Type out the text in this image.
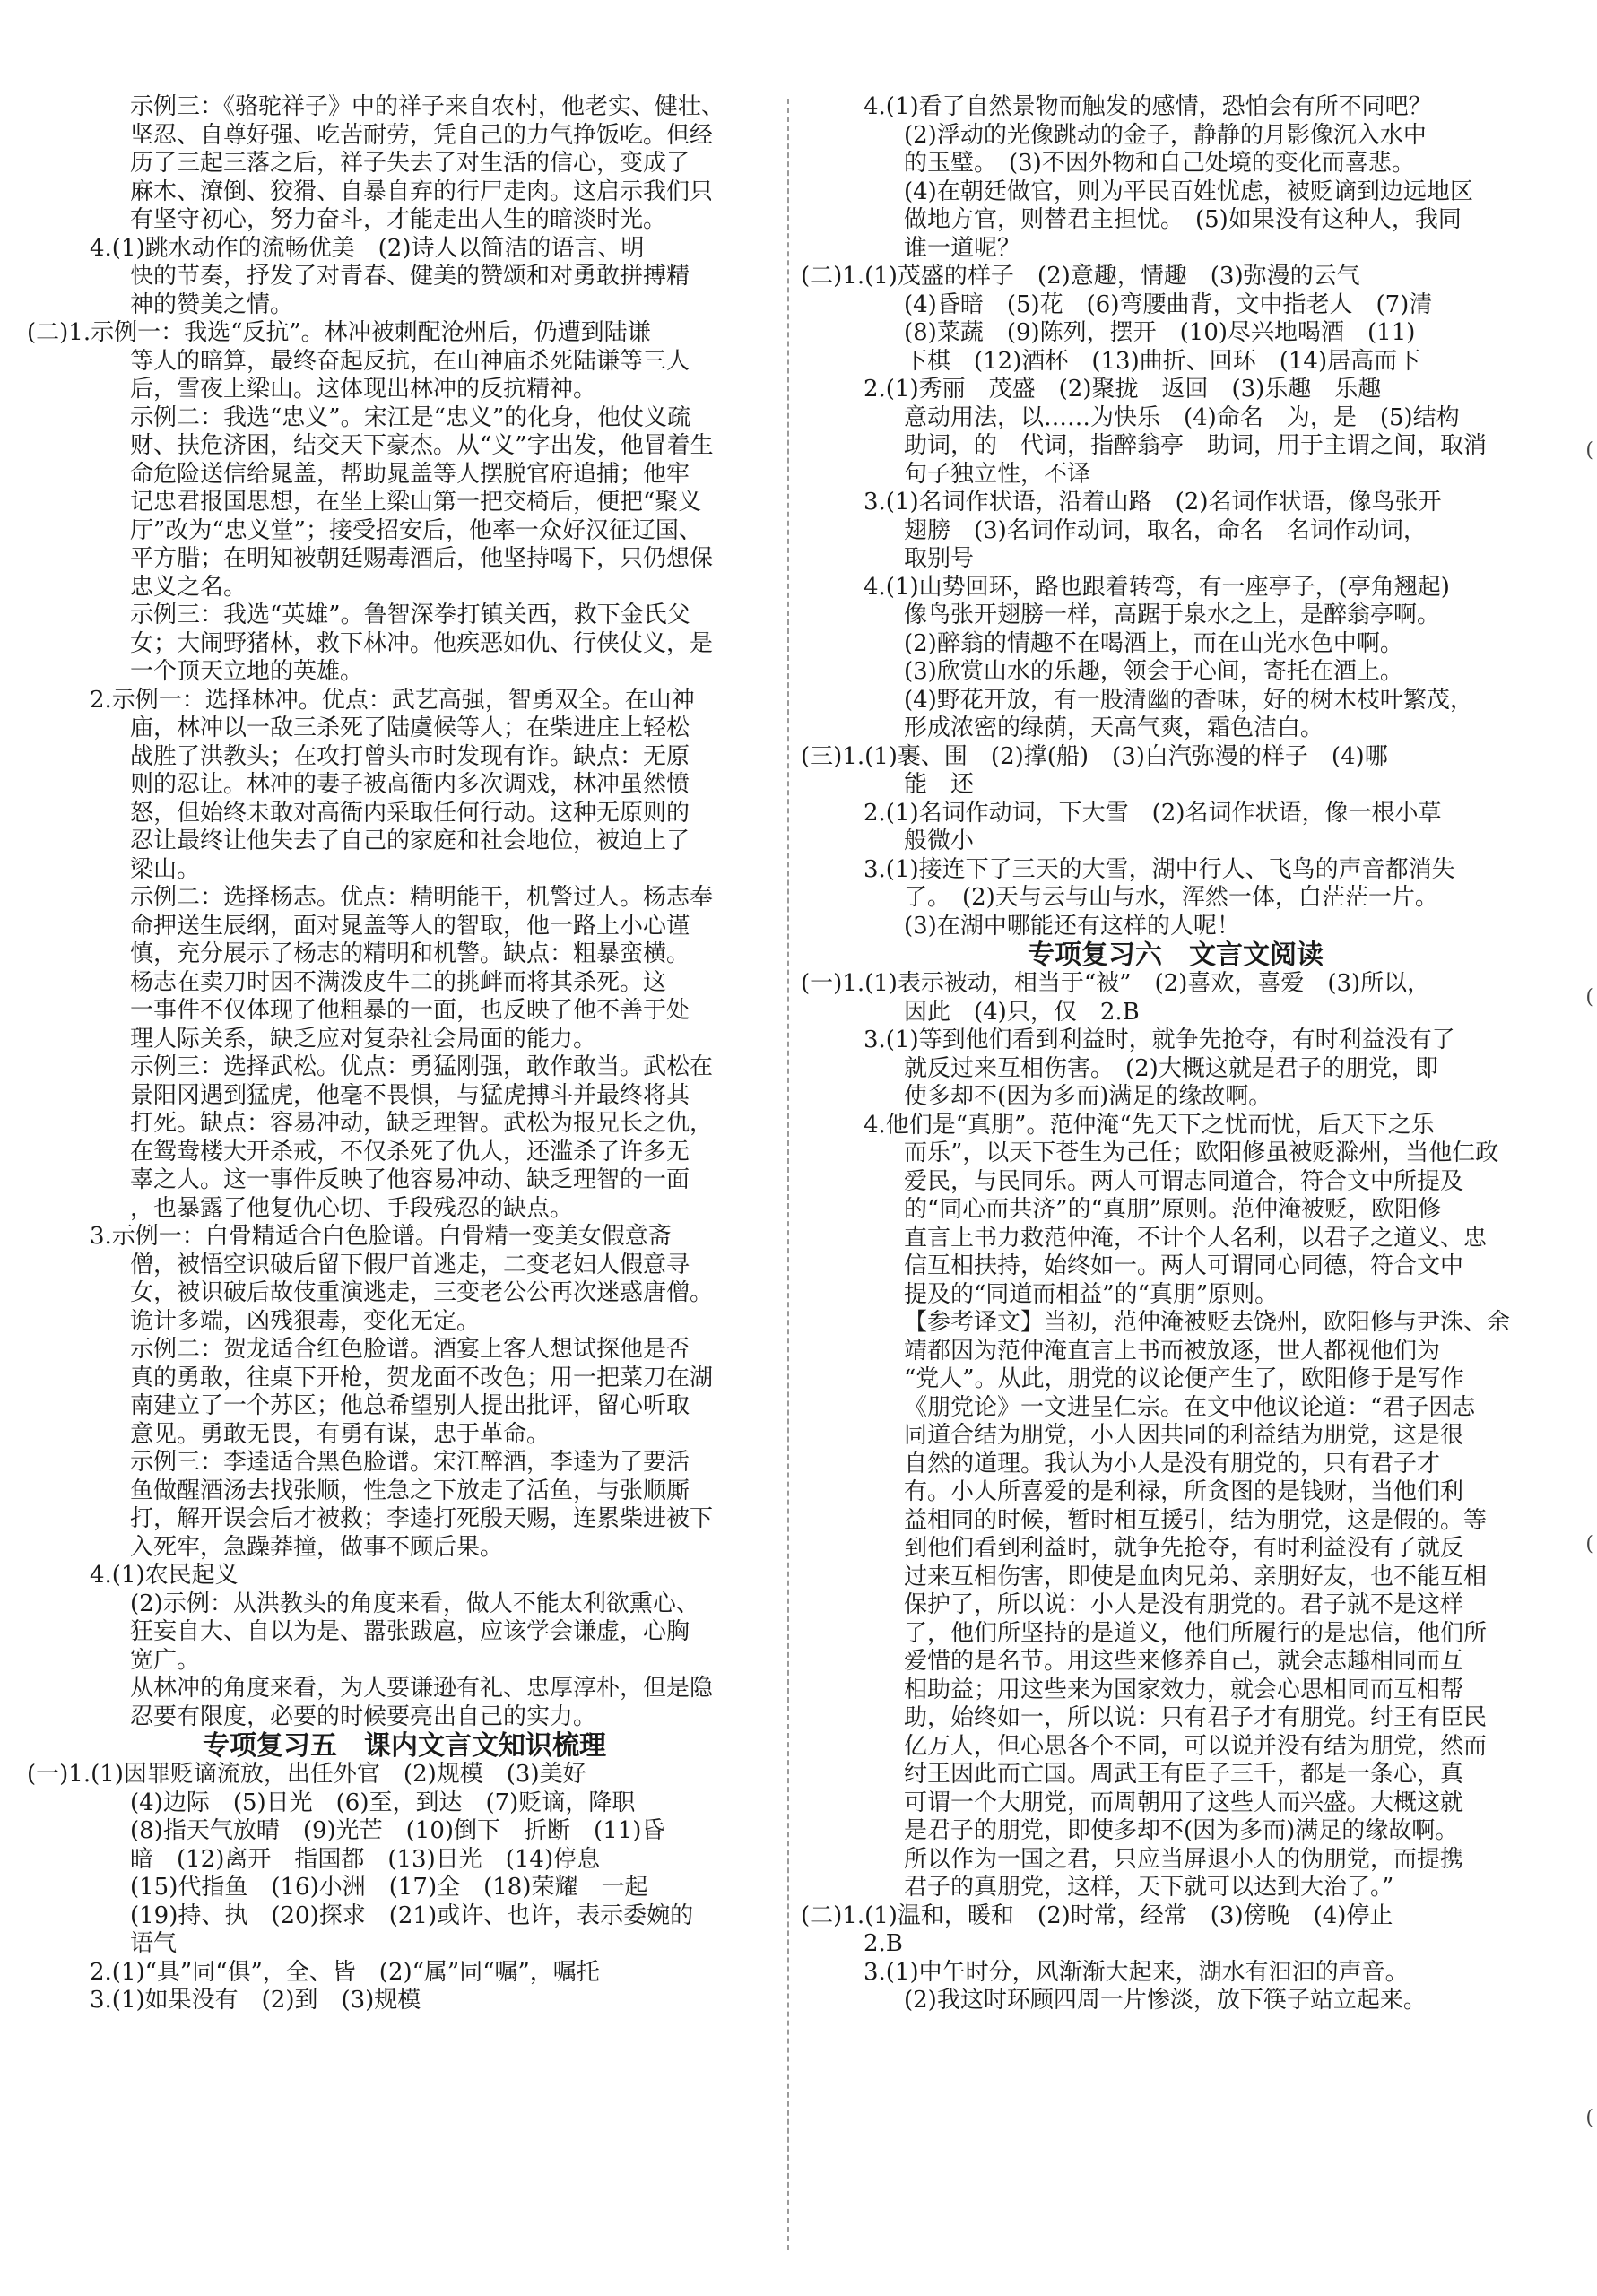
示例三：《骆驼祥子》中的祥子来自农村，他老实、健壮、
坚忍、自尊好强、吃苦耐劳，凭自己的力气挣饭吃。但经
历了三起三落之后，祥子失去了对生活的信心，变成了
麻木、潦倒、狡猾、自暴自弃的行尸走肉。这启示我们只
有坚守初心，努力奋斗，才能走出人生的暗淡时光。
4.(1)跳水动作的流畅优美　(2)诗人以简洁的语言、明
快的节奏，抒发了对青春、健美的赞颂和对勇敢拼搏精
神的赞美之情。
(二)1.示例一：我选“反抗”。林冲被刺配沧州后，仍遭到陆谦
等人的暗算，最终奋起反抗，在山神庙杀死陆谦等三人
后，雪夜上梁山。这体现出林冲的反抗精神。
示例二：我选“忠义”。宋江是“忠义”的化身，他仗义疏
财、扶危济困，结交天下豪杰。从“义”字出发，他冒着生
命危险送信给晁盖，帮助晁盖等人摆脱官府追捕；他牢
记忠君报国思想，在坐上梁山第一把交椅后，便把“聚义
厅”改为“忠义堂”；接受招安后，他率一众好汉征辽国、
平方腊；在明知被朝廷赐毒酒后，他坚持喝下，只仍想保
忠义之名。
示例三：我选“英雄”。鲁智深拳打镇关西，救下金氏父
女；大闹野猪林，救下林冲。他疾恶如仇、行侠仗义，是
一个顶天立地的英雄。
2.示例一：选择林冲。优点：武艺高强，智勇双全。在山神
庙，林冲以一敌三杀死了陆虞候等人；在柴进庄上轻松
战胜了洪教头；在攻打曾头市时发现有诈。缺点：无原
则的忍让。林冲的妻子被高衙内多次调戏，林冲虽然愤
怒，但始终未敢对高衙内采取任何行动。这种无原则的
忍让最终让他失去了自己的家庭和社会地位，被迫上了
梁山。
示例二：选择杨志。优点：精明能干，机警过人。杨志奉
命押送生辰纲，面对晁盖等人的智取，他一路上小心谨
慎，充分展示了杨志的精明和机警。缺点：粗暴蛮横。
杨志在卖刀时因不满泼皮牛二的挑衅而将其杀死。这
一事件不仅体现了他粗暴的一面，也反映了他不善于处
理人际关系，缺乏应对复杂社会局面的能力。
示例三：选择武松。优点：勇猛刚强，敢作敢当。武松在
景阳冈遇到猛虎，他毫不畏惧，与猛虎搏斗并最终将其
打死。缺点：容易冲动，缺乏理智。武松为报兄长之仇，
在鸳鸯楼大开杀戒，不仅杀死了仇人，还滥杀了许多无
辜之人。这一事件反映了他容易冲动、缺乏理智的一面
，也暴露了他复仇心切、手段残忍的缺点。
3.示例一：白骨精适合白色脸谱。白骨精一变美女假意斋
僧，被悟空识破后留下假尸首逃走，二变老妇人假意寻
女，被识破后故伎重演逃走，三变老公公再次迷惑唐僧。
诡计多端，凶残狠毒，变化无定。
示例二：贺龙适合红色脸谱。酒宴上客人想试探他是否
真的勇敢，往桌下开枪，贺龙面不改色；用一把菜刀在湖
南建立了一个苏区；他总希望别人提出批评，留心听取
意见。勇敢无畏，有勇有谋，忠于革命。
示例三：李逵适合黑色脸谱。宋江醉酒，李逵为了要活
鱼做醒酒汤去找张顺，性急之下放走了活鱼，与张顺厮
打，解开误会后才被救；李逵打死殷天赐，连累柴进被下
入死牢，急躁莽撞，做事不顾后果。
4.(1)农民起义
(2)示例：从洪教头的角度来看，做人不能太利欲熏心、
狂妄自大、自以为是、嚣张跋扈，应该学会谦虚，心胸
宽广。
从林冲的角度来看，为人要谦逊有礼、忠厚淳朴，但是隐
忍要有限度，必要的时候要亮出自己的实力。
专项复习五　课内文言文知识梳理
(一)1.(1)因罪贬谪流放，出任外官　(2)规模　(3)美好
(4)边际　(5)日光　(6)至，到达　(7)贬谪，降职
(8)指天气放晴　(9)光芒　(10)倒下　折断　(11)昏
暗　(12)离开　指国都　(13)日光　(14)停息
(15)代指鱼　(16)小洲　(17)全　(18)荣耀　一起
(19)持、执　(20)探求　(21)或许、也许，表示委婉的
语气
2.(1)“具”同“俱”，全、皆　(2)“属”同“嘱”，嘱托
3.(1)如果没有　(2)到　(3)规模
4.(1)看了自然景物而触发的感情，恐怕会有所不同吧？
(2)浮动的光像跳动的金子，静静的月影像沉入水中
的玉璧。　(3)不因外物和自己处境的变化而喜悲。
(4)在朝廷做官，则为平民百姓忧虑，被贬谪到边远地区
做地方官，则替君主担忧。　(5)如果没有这种人，我同
谁一道呢？
(二)1.(1)茂盛的样子　(2)意趣，情趣　(3)弥漫的云气
(4)昏暗　(5)花　(6)弯腰曲背，文中指老人　(7)清
(8)菜蔬　(9)陈列，摆开　(10)尽兴地喝酒　(11)
下棋　(12)酒杯　(13)曲折、回环　(14)居高而下
2.(1)秀丽　茂盛　(2)聚拢　返回　(3)乐趣　乐趣
意动用法，以……为快乐　(4)命名　为，是　(5)结构
助词，的　代词，指醉翁亭　助词，用于主谓之间，取消
句子独立性，不译
3.(1)名词作状语，沿着山路　(2)名词作状语，像鸟张开
翅膀　(3)名词作动词，取名，命名　名词作动词，
取别号
4.(1)山势回环，路也跟着转弯，有一座亭子，(亭角翘起)
像鸟张开翅膀一样，高踞于泉水之上，是醉翁亭啊。
(2)醉翁的情趣不在喝酒上，而在山光水色中啊。
(3)欣赏山水的乐趣，领会于心间，寄托在酒上。
(4)野花开放，有一股清幽的香味，好的树木枝叶繁茂，
形成浓密的绿荫，天高气爽，霜色洁白。
(三)1.(1)裹、围　(2)撑(船)　(3)白汽弥漫的样子　(4)哪
能　还
2.(1)名词作动词，下大雪　(2)名词作状语，像一根小草
般微小
3.(1)接连下了三天的大雪，湖中行人、飞鸟的声音都消失
了。　(2)天与云与山与水，浑然一体，白茫茫一片。
(3)在湖中哪能还有这样的人呢！
专项复习六　文言文阅读
(一)1.(1)表示被动，相当于“被”　(2)喜欢，喜爱　(3)所以，
因此　(4)只，仅　2.B
3.(1)等到他们看到利益时，就争先抢夺，有时利益没有了
就反过来互相伤害。　(2)大概这就是君子的朋党，即
使多却不(因为多而)满足的缘故啊。
4.他们是“真朋”。范仲淹“先天下之忧而忧，后天下之乐
而乐”，以天下苍生为己任；欧阳修虽被贬滁州，当他仁政
爱民，与民同乐。两人可谓志同道合，符合文中所提及
的“同心而共济”的“真朋”原则。范仲淹被贬，欧阳修
直言上书力救范仲淹，不计个人名利，以君子之道义、忠
信互相扶持，始终如一。两人可谓同心同德，符合文中
提及的“同道而相益”的“真朋”原则。
【参考译文】当初，范仲淹被贬去饶州，欧阳修与尹洙、余
靖都因为范仲淹直言上书而被放逐，世人都视他们为
“党人”。从此，朋党的议论便产生了，欧阳修于是写作
《朋党论》一文进呈仁宗。在文中他议论道：“君子因志
同道合结为朋党，小人因共同的利益结为朋党，这是很
自然的道理。我认为小人是没有朋党的，只有君子才
有。小人所喜爱的是利禄，所贪图的是钱财，当他们利
益相同的时候，暂时相互援引，结为朋党，这是假的。等
到他们看到利益时，就争先抢夺，有时利益没有了就反
过来互相伤害，即使是血肉兄弟、亲朋好友，也不能互相
保护了，所以说：小人是没有朋党的。君子就不是这样
了，他们所坚持的是道义，他们所履行的是忠信，他们所
爱惜的是名节。用这些来修养自己，就会志趣相同而互
相助益；用这些来为国家效力，就会心思相同而互相帮
助，始终如一，所以说：只有君子才有朋党。纣王有臣民
亿万人，但心思各个不同，可以说并没有结为朋党，然而
纣王因此而亡国。周武王有臣子三千，都是一条心，真
可谓一个大朋党，而周朝用了这些人而兴盛。大概这就
是君子的朋党，即使多却不(因为多而)满足的缘故啊。
所以作为一国之君，只应当屏退小人的伪朋党，而提携
君子的真朋党，这样，天下就可以达到大治了。”
(二)1.(1)温和，暖和　(2)时常，经常　(3)傍晚　(4)停止
2.B
3.(1)中午时分，风渐渐大起来，湖水有汩汩的声音。
(2)我这时环顾四周一片惨淡，放下筷子站立起来。
(
(
(
(
